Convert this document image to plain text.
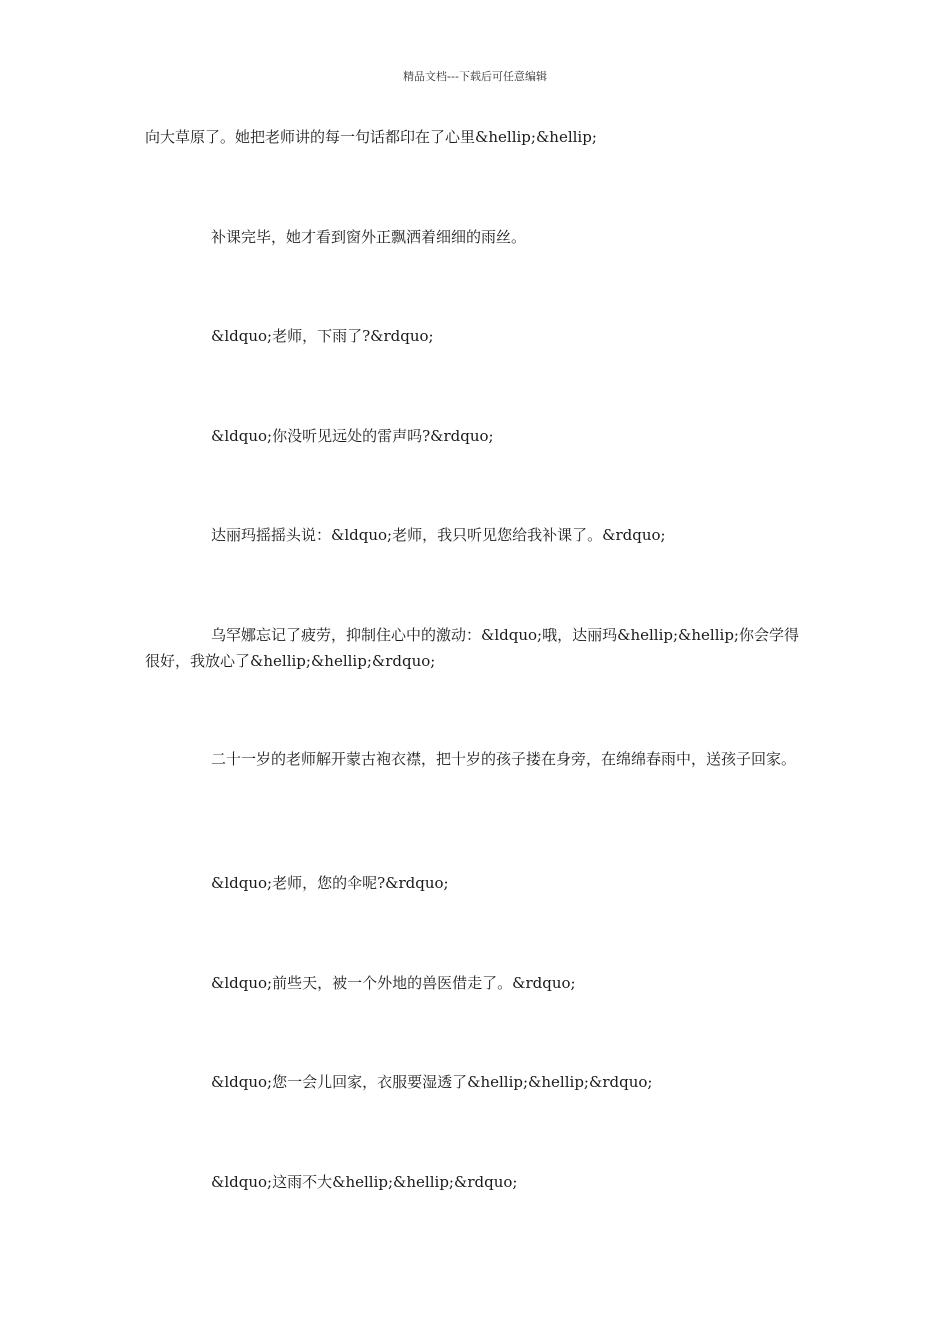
精品文档---下载后可任意编辑

向大草原了。她把老师讲的每一句话都印在了心里&hellip;&hellip;

补课完毕，她才看到窗外正飘洒着细细的雨丝。

&ldquo;老师，下雨了?&rdquo;

&ldquo;你没听见远处的雷声吗?&rdquo;

达丽玛摇摇头说：&ldquo;老师，我只听见您给我补课了。&rdquo;

乌罕娜忘记了疲劳，抑制住心中的激动：&ldquo;哦，达丽玛&hellip;&hellip;你会学得很好，我放心了&hellip;&hellip;&rdquo;

二十一岁的老师解开蒙古袍衣襟，把十岁的孩子搂在身旁，在绵绵春雨中，送孩子回家。

&ldquo;老师，您的伞呢?&rdquo;

&ldquo;前些天，被一个外地的兽医借走了。&rdquo;

&ldquo;您一会儿回家，衣服要湿透了&hellip;&hellip;&rdquo;

&ldquo;这雨不大&hellip;&hellip;&rdquo;
